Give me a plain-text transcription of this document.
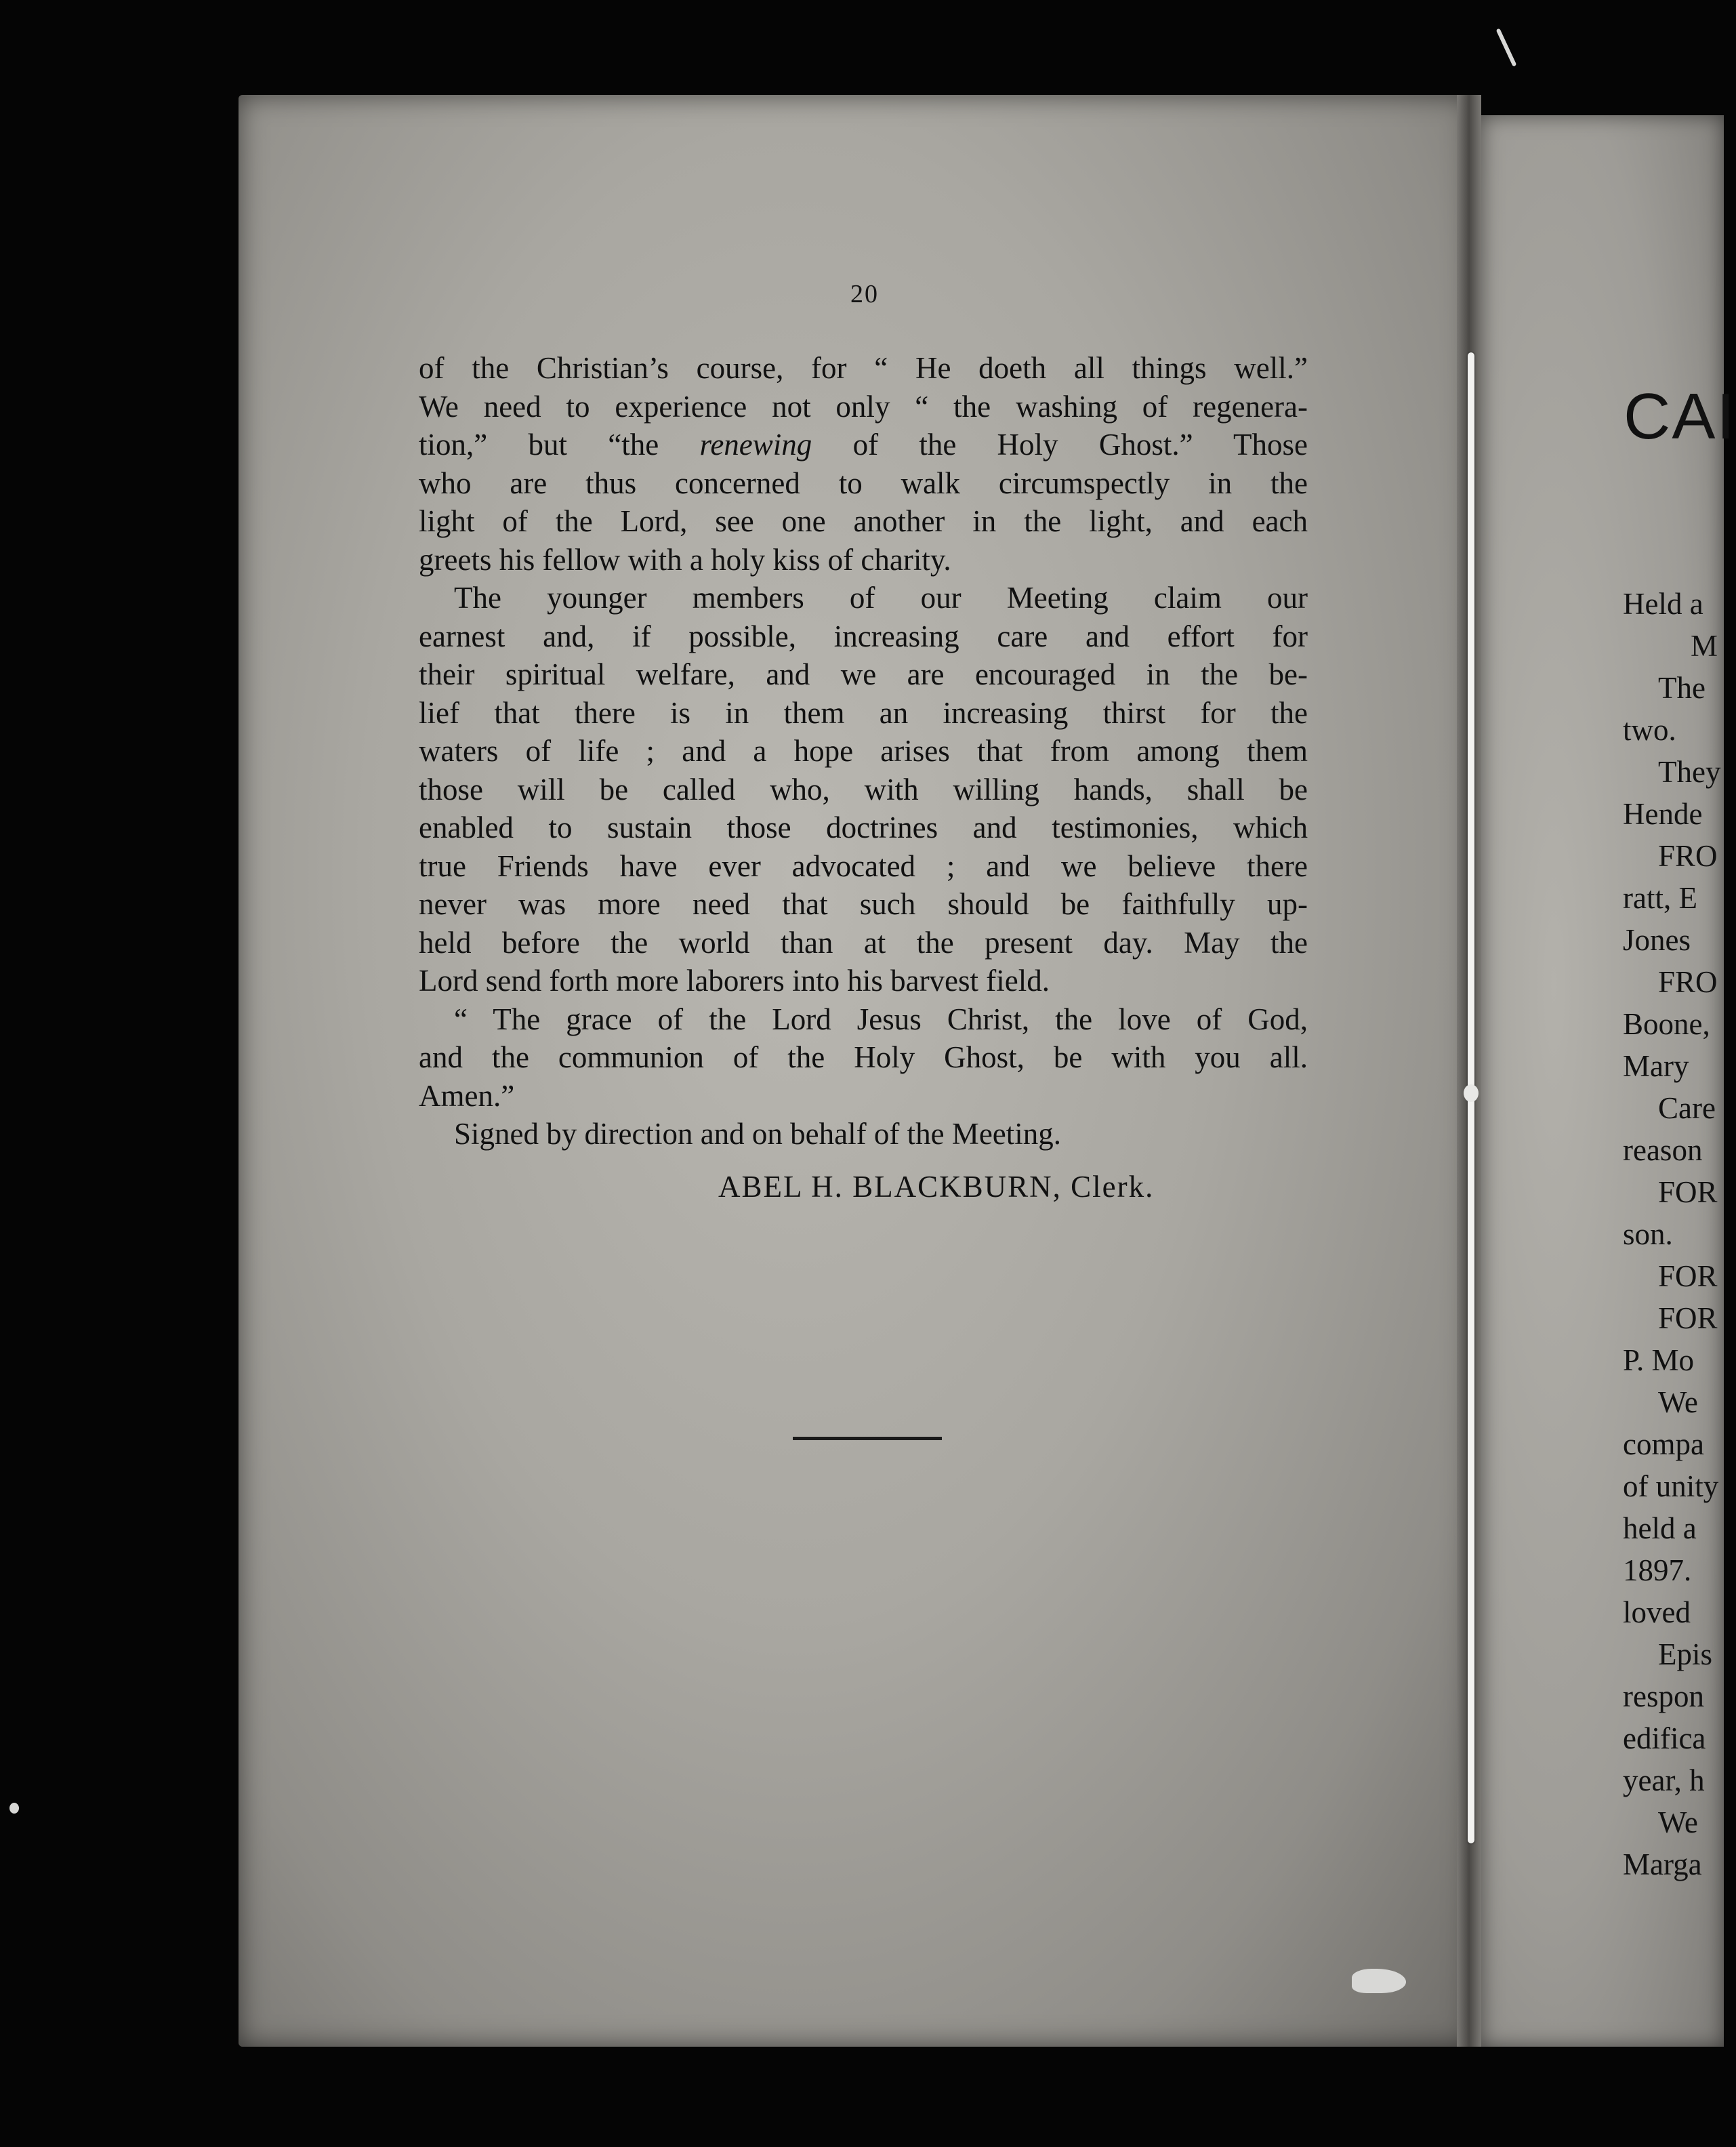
20
of the Christian’s course, for “ He doeth all things well.”
We need to experience not only “ the washing of regenera-
tion,” but “the renewing of the Holy Ghost.” Those
who are thus concerned to walk circumspectly in the
light of the Lord, see one another in the light, and each
greets his fellow with a holy kiss of charity.
The younger members of our Meeting claim our
earnest and, if possible, increasing care and effort for
their spiritual welfare, and we are encouraged in the be-
lief that there is in them an increasing thirst for the
waters of life ; and a hope arises that from among them
those will be called who, with willing hands, shall be
enabled to sustain those doctrines and testimonies, which
true Friends have ever advocated ; and we believe there
never was more need that such should be faithfully up-
held before the world than at the present day. May the
Lord send forth more laborers into his barvest field.
“ The grace of the Lord Jesus Christ, the love of God,
and the communion of the Holy Ghost, be with you all.
Amen.”
Signed by direction and on behalf of the Meeting.
ABEL H. BLACKBURN, Clerk.
CAI
Held a
M
The
two.
They
Hende
FRO
ratt, E
Jones
FRO
Boone,
Mary
Care
reason
FOR
son.
FOR
FOR
P. Mo
We
compa
of unity
held a
1897.
loved
Epis
respon
edifica
year, h
We
Marga
